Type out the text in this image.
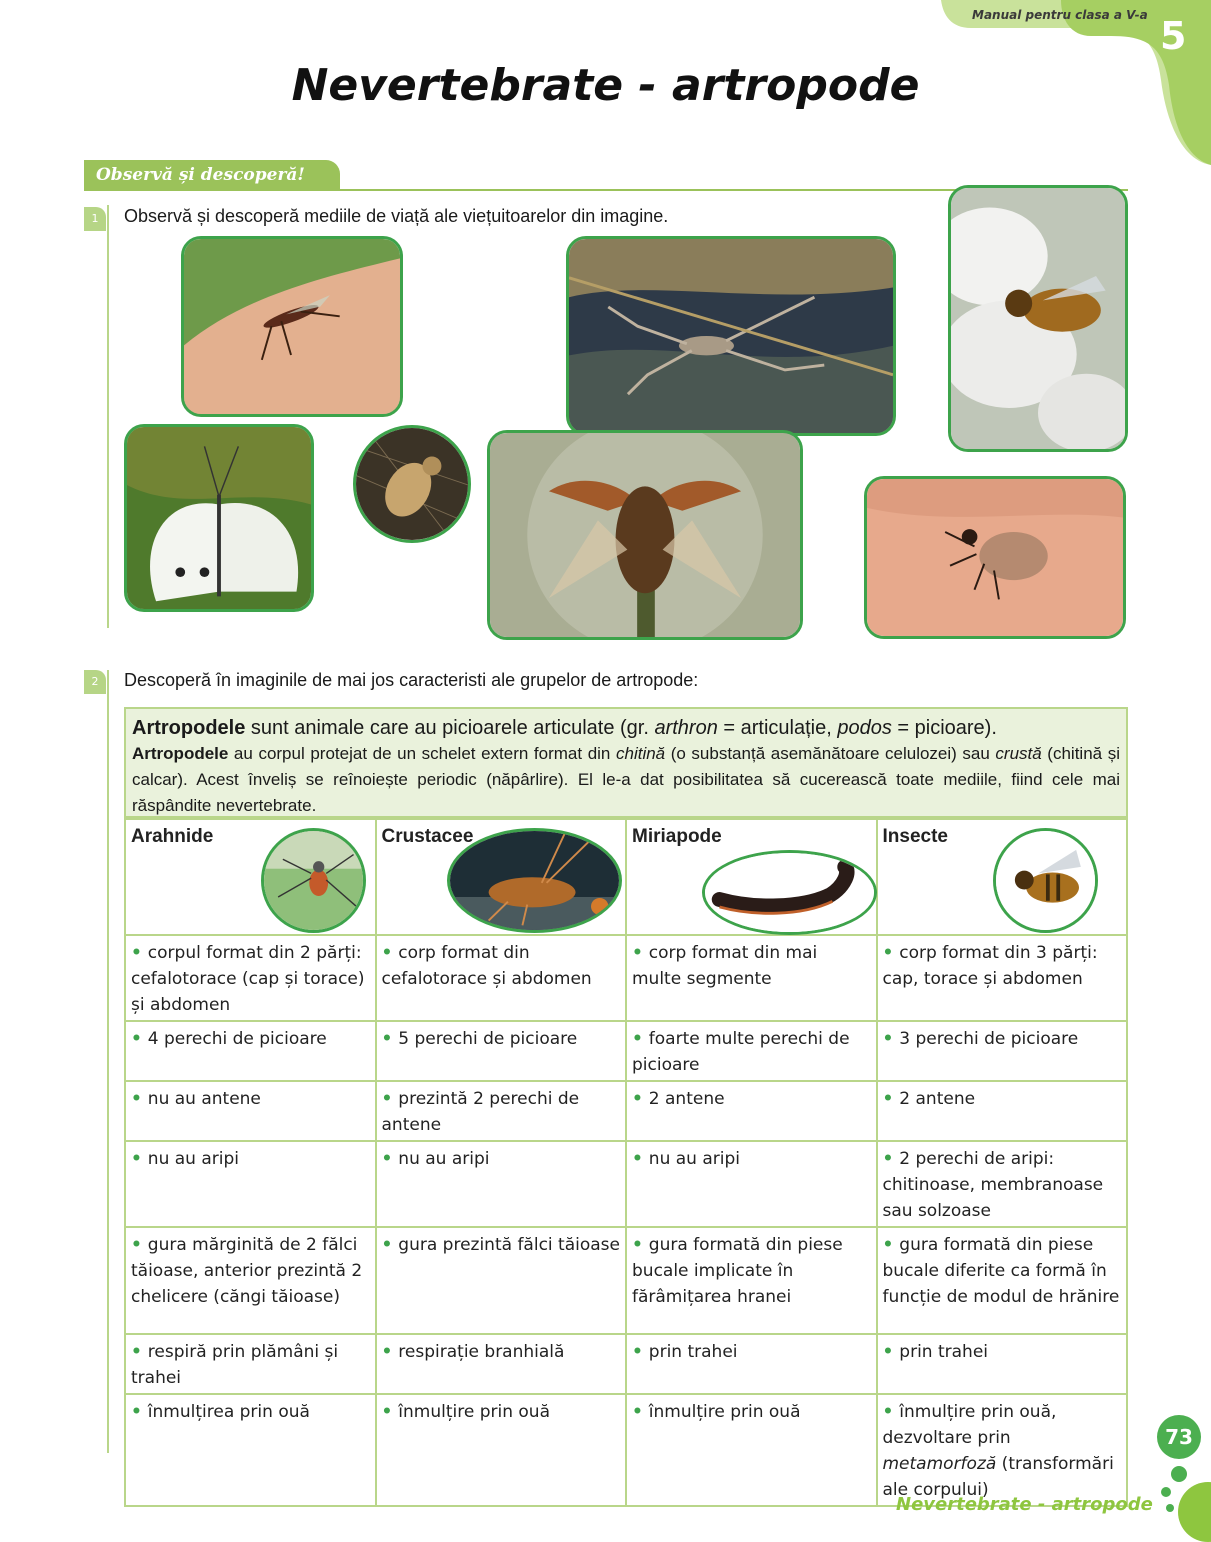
Manual pentru clasa a V-a 5
Nevertebrate - artropode
Observă și descoperă!
1	Observă și descoperă mediile de viață ale viețuitoarelor din imagine.
2	Descoperă în imaginile de mai jos caracteristi ale grupelor de artropode:
Artropodele sunt animale care au picioarele articulate (gr. arthron = articulație, podos = picioare).
Artropodele au corpul protejat de un schelet extern format din chitină (o substanță asemănătoare celulozei) sau crustă (chitină și calcar). Acest înveliș se reînoiește periodic (năpârlire). El le-a dat posibilitatea să cucerească toate mediile, fiind cele mai răspândite nevertebrate.
Arahnide	Crustacee	Miriapode	Insecte

• corpul format din 2 părți: cefalotorace (cap și torace) și abdomen	• corp format din cefalotorace și abdomen	• corp format din mai multe segmente	• corp format din 3 părți: cap, torace și abdomen
• 4 perechi de picioare	• 5 perechi de picioare	• foarte multe perechi de picioare	• 3 perechi de picioare
• nu au antene	• prezintă 2 perechi de antene	• 2 antene	• 2 antene
• nu au aripi	• nu au aripi	• nu au aripi	• 2 perechi de aripi: chitinoase, membranoase sau solzoase
• gura mărginită de 2 fălci tăioase, anterior prezintă 2 chelicere (căngi tăioase)	• gura prezintă fălci tăioase	• gura formată din piese bucale implicate în fărâmițarea hranei	• gura formată din piese bucale diferite ca formă în funcție de modul de hrănire
• respiră prin plămâni și trahei	• respirație branhială	• prin trahei	• prin trahei
• înmulțirea prin ouă	• înmulțire prin ouă	• înmulțire prin ouă	• înmulțire prin ouă, dezvoltare prin metamorfoză (transformări ale corpului)
73
Nevertebrate - artropode
